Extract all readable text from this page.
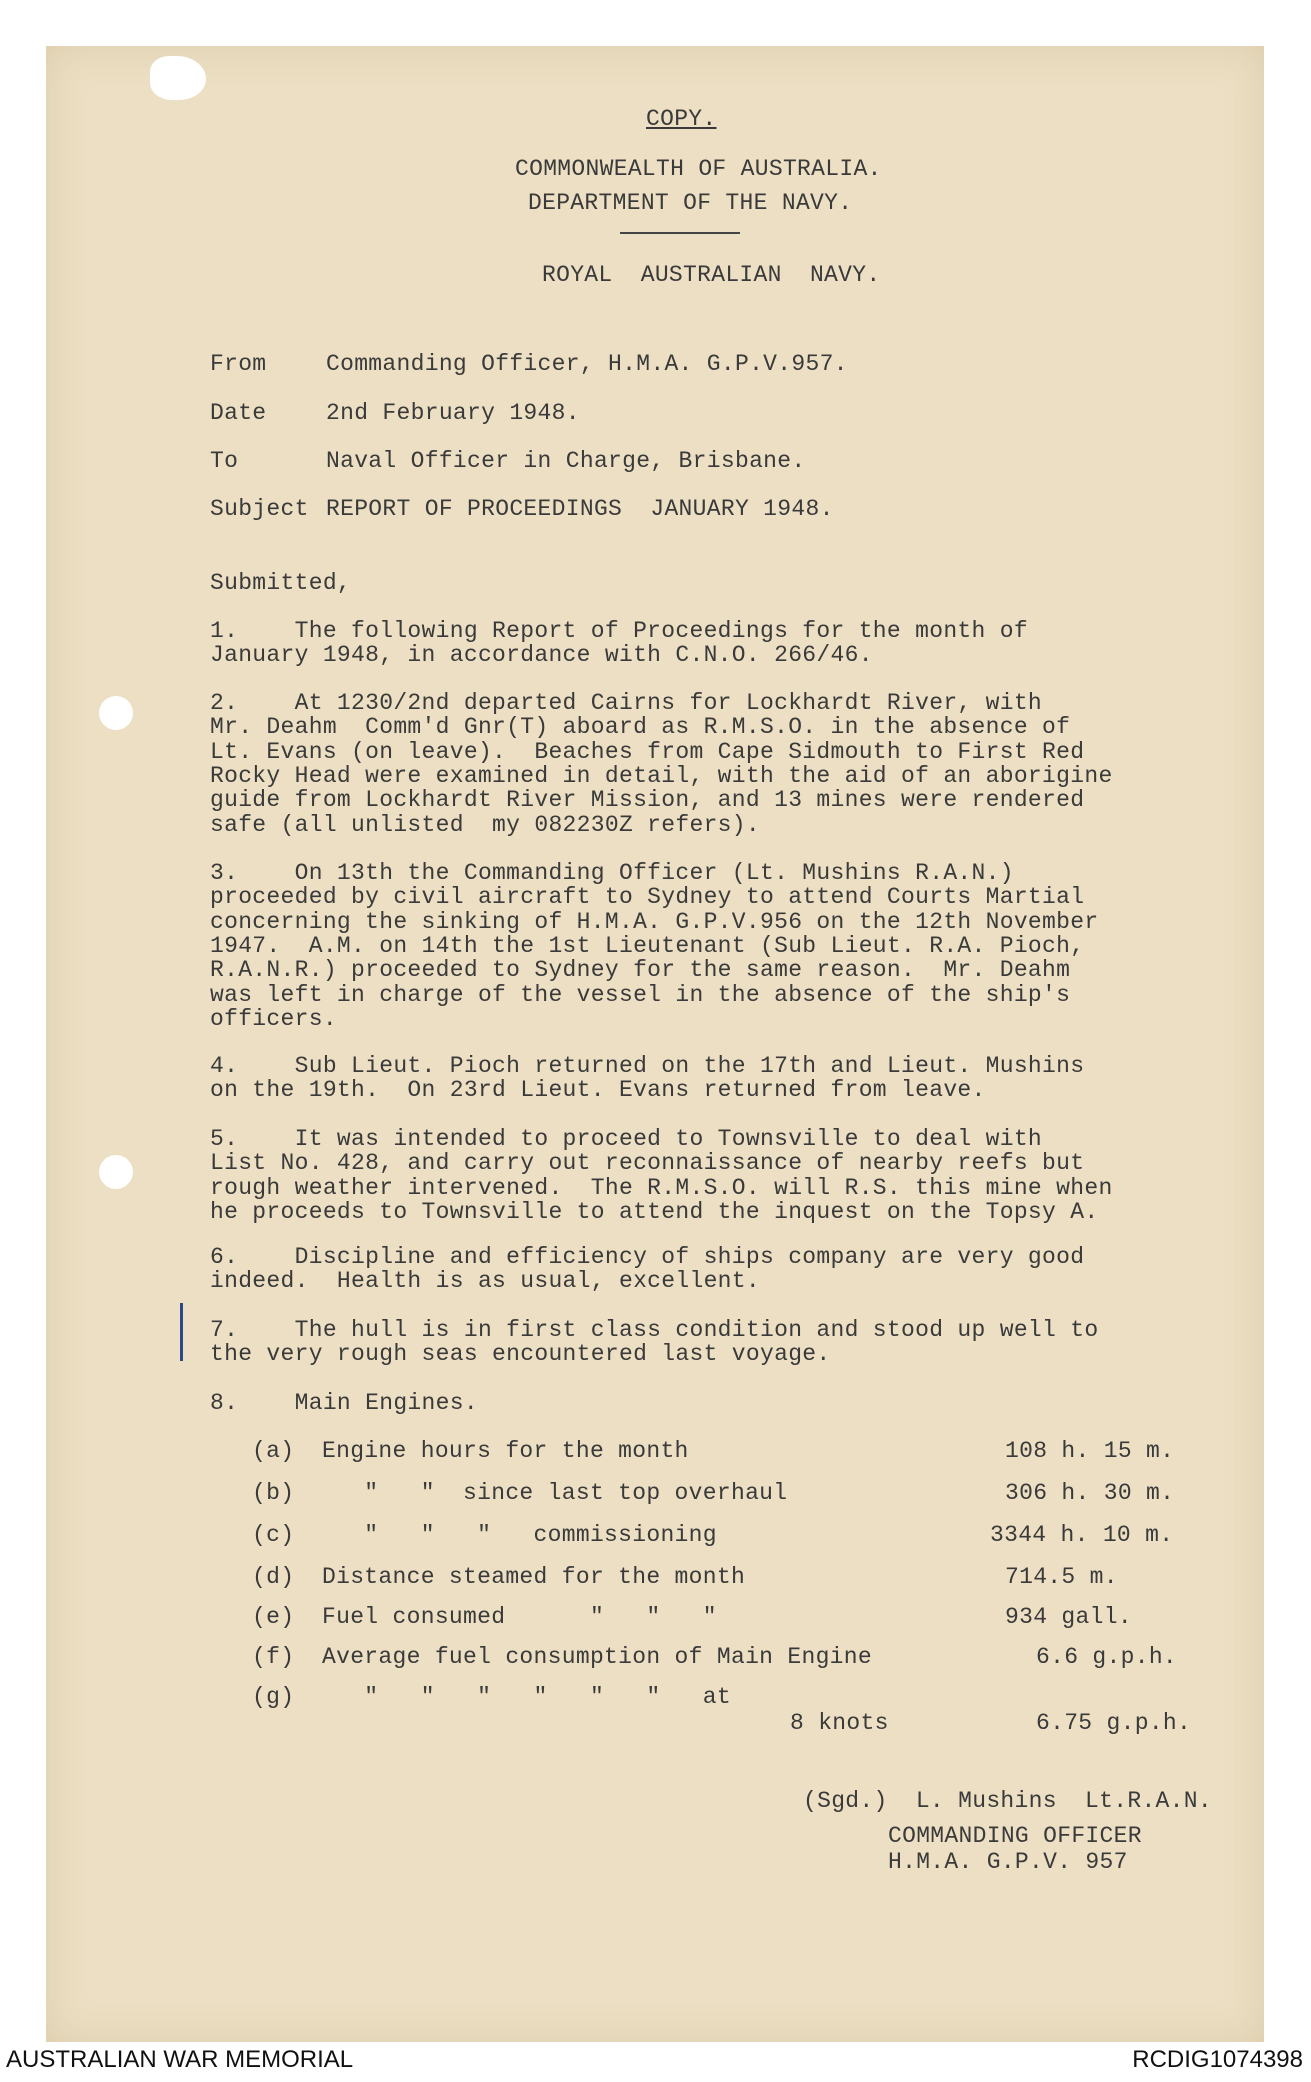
COPY.
COMMONWEALTH OF AUSTRALIA.
DEPARTMENT OF THE NAVY.
ROYAL  AUSTRALIAN  NAVY.
From	Commanding Officer, H.M.A. G.P.V.957.
Date	2nd February 1948.
To	Naval Officer in Charge, Brisbane.
Subject REPORT OF PROCEEDINGS  JANUARY 1948.
Submitted,
1.    The following Report of Proceedings for the month of
January 1948, in accordance with C.N.O. 266/46.
2.    At 1230/2nd departed Cairns for Lockhardt River, with
Mr. Deahm  Comm'd Gnr(T) aboard as R.M.S.O. in the absence of
Lt. Evans (on leave).  Beaches from Cape Sidmouth to First Red
Rocky Head were examined in detail, with the aid of an aborigine
guide from Lockhardt River Mission, and 13 mines were rendered
safe (all unlisted  my 082230Z refers).
3.    On 13th the Commanding Officer (Lt. Mushins R.A.N.)
proceeded by civil aircraft to Sydney to attend Courts Martial
concerning the sinking of H.M.A. G.P.V.956 on the 12th November
1947.  A.M. on 14th the 1st Lieutenant (Sub Lieut. R.A. Pioch,
R.A.N.R.) proceeded to Sydney for the same reason.  Mr. Deahm
was left in charge of the vessel in the absence of the ship's
officers.
4.    Sub Lieut. Pioch returned on the 17th and Lieut. Mushins
on the 19th.  On 23rd Lieut. Evans returned from leave.
5.    It was intended to proceed to Townsville to deal with
List No. 428, and carry out reconnaissance of nearby reefs but
rough weather intervened.  The R.M.S.O. will R.S. this mine when
he proceeds to Townsville to attend the inquest on the Topsy A.
6.    Discipline and efficiency of ships company are very good
indeed.  Health is as usual, excellent.
7.    The hull is in first class condition and stood up well to
the very rough seas encountered last voyage.
8.    Main Engines.
(a) Engine hours for the month	108 h. 15 m.
(b) "   "  since last top overhaul	306 h. 30 m.
(c) "   "   "   commissioning	3344 h. 10 m.
(d) Distance steamed for the month	714.5 m.
(e) Fuel consumed      "   "   "	934 gall.
(f) Average fuel consumption of Main Engine	6.6 g.p.h.
(g) "   "   "   "   "   "   at
8 knots	6.75 g.p.h.
(Sgd.)  L. Mushins  Lt.R.A.N.
COMMANDING OFFICER
H.M.A. G.P.V. 957
AUSTRALIAN WAR MEMORIAL	RCDIG1074398
